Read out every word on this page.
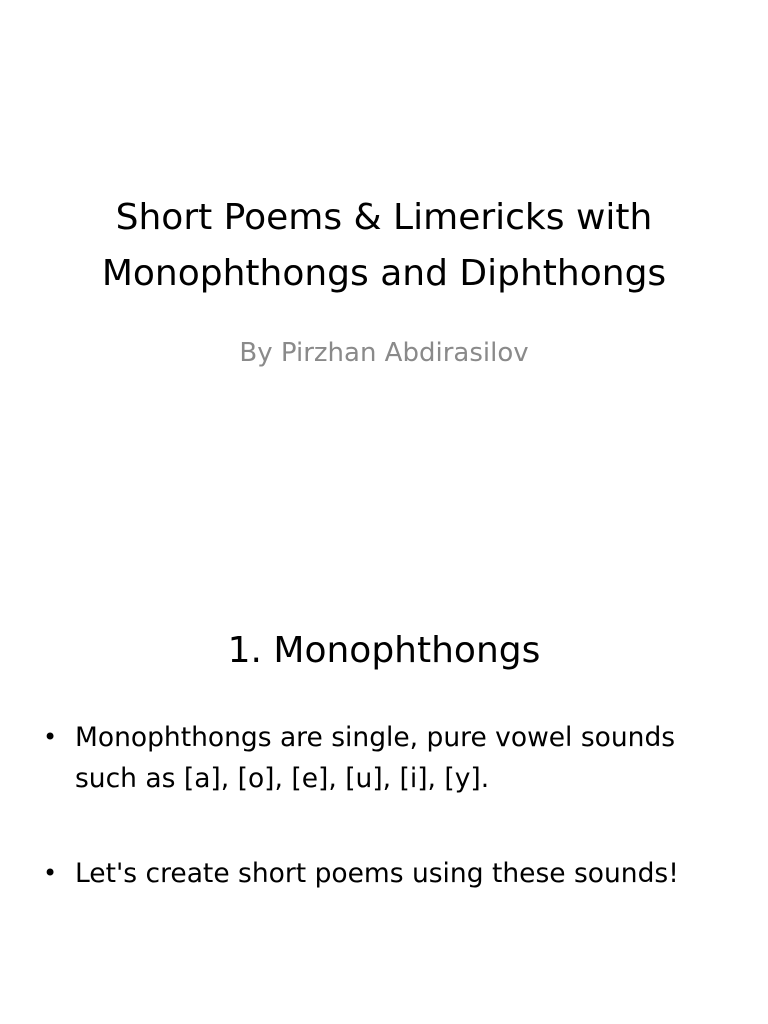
Short Poems & Limericks with
Monophthongs and Diphthongs

By Pirzhan Abdirasilov

1. Monophthongs
• Monophthongs are single, pure vowel sounds
such as [a], [o], [e], [u], [i], [y].
• Let's create short poems using these sounds!
